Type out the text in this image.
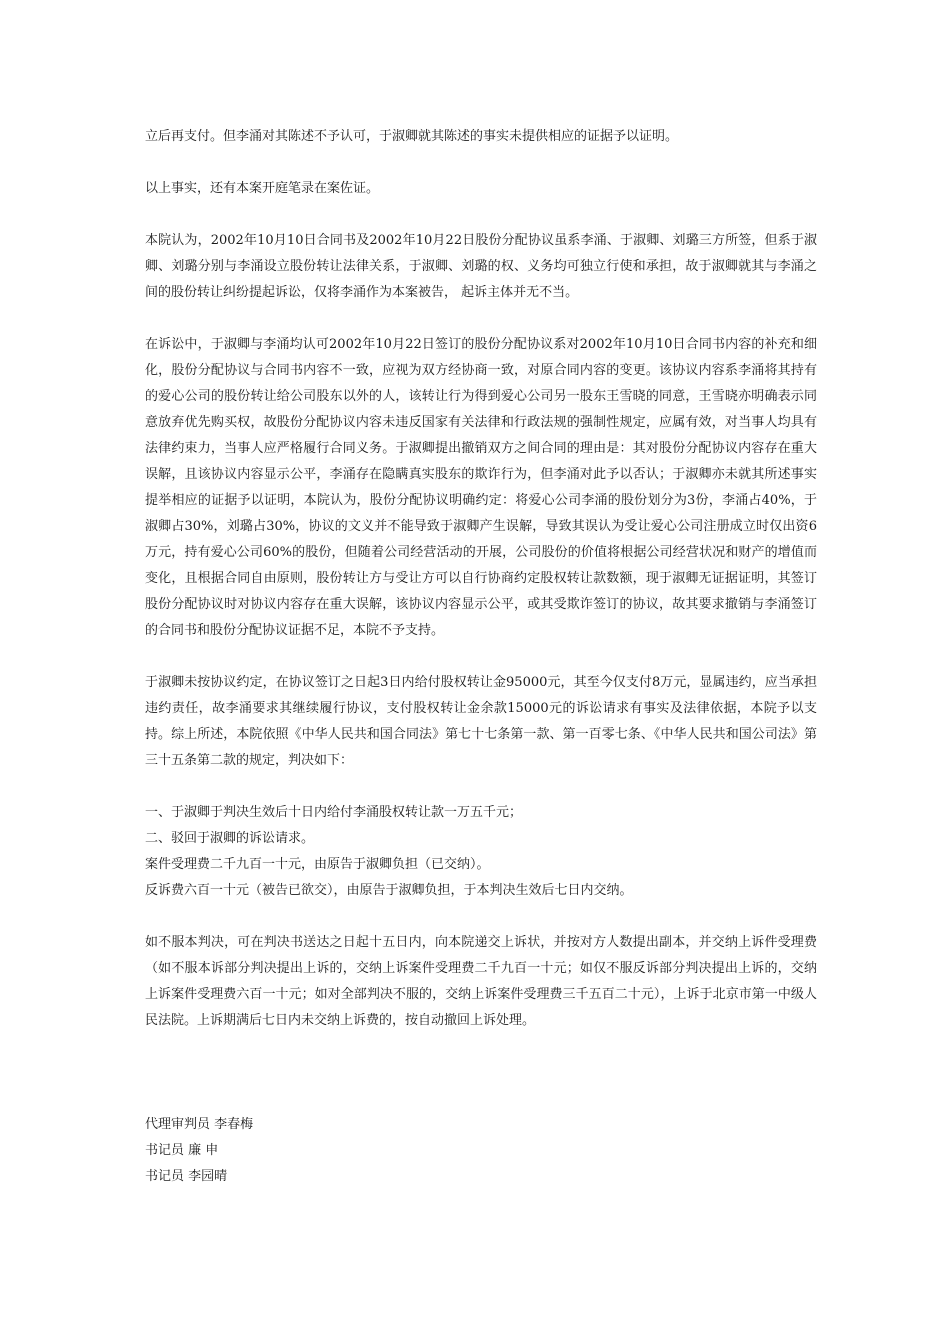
立后再支付。但李涌对其陈述不予认可，于淑卿就其陈述的事实未提供相应的证据予以证明。

以上事实，还有本案开庭笔录在案佐证。

本院认为，2002年10月10日合同书及2002年10月22日股份分配协议虽系李涌、于淑卿、刘璐三方所签，但系于淑卿、刘璐分别与李涌设立股份转让法律关系，于淑卿、刘璐的权、义务均可独立行使和承担，故于淑卿就其与李涌之间的股份转让纠纷提起诉讼，仅将李涌作为本案被告， 起诉主体并无不当。

在诉讼中，于淑卿与李涌均认可2002年10月22日签订的股份分配协议系对2002年10月10日合同书内容的补充和细化，股份分配协议与合同书内容不一致，应视为双方经协商一致，对原合同内容的变更。该协议内容系李涌将其持有的爱心公司的股份转让给公司股东以外的人，该转让行为得到爱心公司另一股东王雪晓的同意，王雪晓亦明确表示同意放弃优先购买权，故股份分配协议内容未违反国家有关法律和行政法规的强制性规定，应属有效，对当事人均具有法律约束力，当事人应严格履行合同义务。于淑卿提出撤销双方之间合同的理由是：其对股份分配协议内容存在重大误解，且该协议内容显示公平，李涌存在隐瞒真实股东的欺诈行为，但李涌对此予以否认；于淑卿亦未就其所述事实提举相应的证据予以证明，本院认为，股份分配协议明确约定：将爱心公司李涌的股份划分为3份，李涌占40%，于淑卿占30%，刘璐占30%，协议的文义并不能导致于淑卿产生误解，导致其误认为受让爱心公司注册成立时仅出资6万元，持有爱心公司60%的股份，但随着公司经营活动的开展，公司股份的价值将根据公司经营状况和财产的增值而变化，且根据合同自由原则，股份转让方与受让方可以自行协商约定股权转让款数额，现于淑卿无证据证明，其签订股份分配协议时对协议内容存在重大误解，该协议内容显示公平，或其受欺诈签订的协议，故其要求撤销与李涌签订的合同书和股份分配协议证据不足，本院不予支持。

于淑卿未按协议约定，在协议签订之日起3日内给付股权转让金95000元，其至今仅支付8万元，显属违约，应当承担违约责任，故李涌要求其继续履行协议，支付股权转让金余款15000元的诉讼请求有事实及法律依据，本院予以支持。综上所述，本院依照《中华人民共和国合同法》第七十七条第一款、第一百零七条、《中华人民共和国公司法》第三十五条第二款的规定，判决如下：

一、于淑卿于判决生效后十日内给付李涌股权转让款一万五千元；
二、驳回于淑卿的诉讼请求。
案件受理费二千九百一十元，由原告于淑卿负担（已交纳）。
反诉费六百一十元（被告已欲交），由原告于淑卿负担，于本判决生效后七日内交纳。

如不服本判决，可在判决书送达之日起十五日内，向本院递交上诉状，并按对方人数提出副本，并交纳上诉件受理费（如不服本诉部分判决提出上诉的，交纳上诉案件受理费二千九百一十元；如仅不服反诉部分判决提出上诉的，交纳上诉案件受理费六百一十元；如对全部判决不服的，交纳上诉案件受理费三千五百二十元），上诉于北京市第一中级人民法院。上诉期满后七日内未交纳上诉费的，按自动撤回上诉处理。

代理审判员 李春梅
书记员 廉 申
书记员 李园晴
